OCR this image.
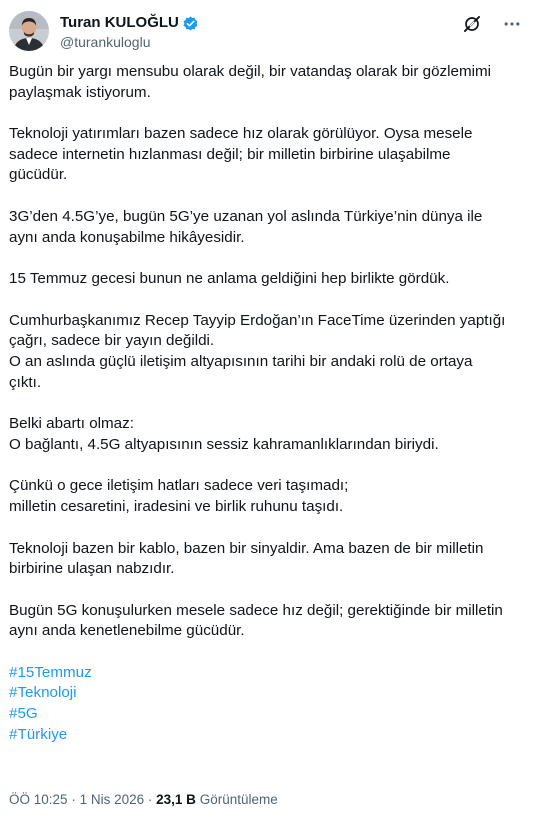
Turan KULOĞLU
@turankuloglu
Bugün bir yargı mensubu olarak değil, bir vatandaş olarak bir gözlemimi
paylaşmak istiyorum.
Teknoloji yatırımları bazen sadece hız olarak görülüyor. Oysa mesele
sadece internetin hızlanması değil; bir milletin birbirine ulaşabilme
gücüdür.
3G’den 4.5G’ye, bugün 5G’ye uzanan yol aslında Türkiye’nin dünya ile
aynı anda konuşabilme hikâyesidir.
15 Temmuz gecesi bunun ne anlama geldiğini hep birlikte gördük.
Cumhurbaşkanımız Recep Tayyip Erdoğan’ın FaceTime üzerinden yaptığı
çağrı, sadece bir yayın değildi.
O an aslında güçlü iletişim altyapısının tarihi bir andaki rolü de ortaya
çıktı.
Belki abartı olmaz:
O bağlantı, 4.5G altyapısının sessiz kahramanlıklarından biriydi.
Çünkü o gece iletişim hatları sadece veri taşımadı;
milletin cesaretini, iradesini ve birlik ruhunu taşıdı.
Teknoloji bazen bir kablo, bazen bir sinyaldir. Ama bazen de bir milletin
birbirine ulaşan nabzıdır.
Bugün 5G konuşulurken mesele sadece hız değil; gerektiğinde bir milletin
aynı anda kenetlenebilme gücüdür.
#15Temmuz
#Teknoloji
#5G
#Türkiye
ÖÖ 10:25 · 1 Nis 2026 · 23,1 B Görüntüleme
